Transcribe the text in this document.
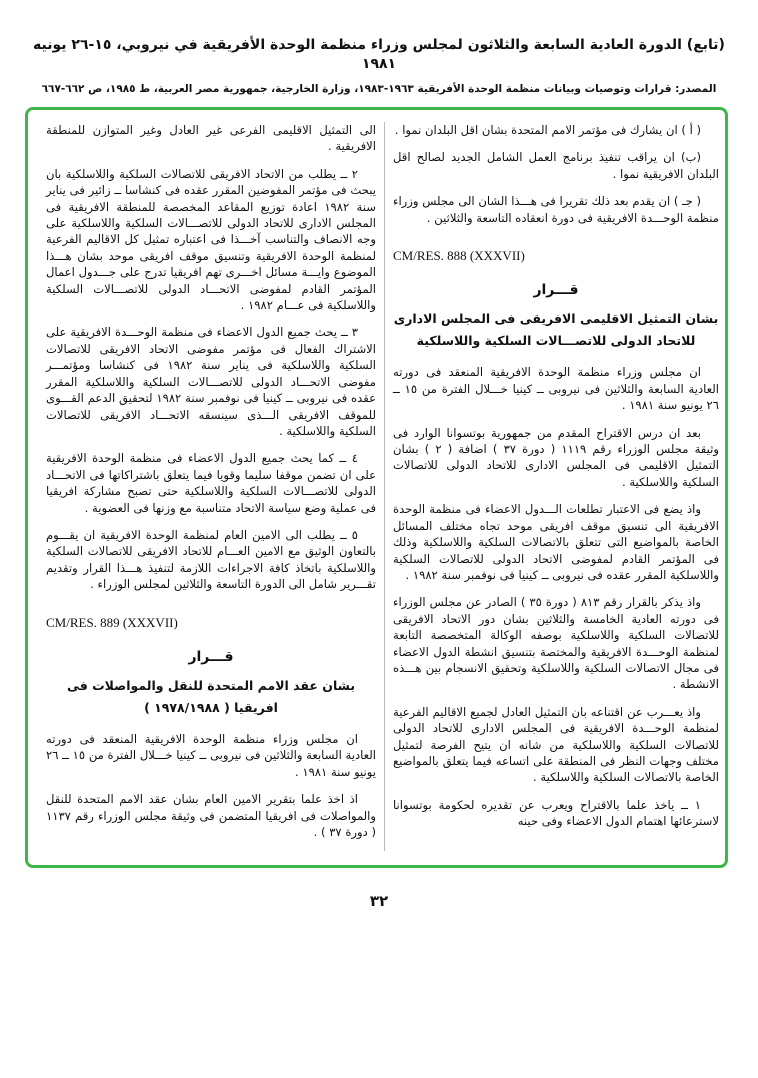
(تابع) الدورة العادية السابعة والثلاثون لمجلس وزراء منظمة الوحدة الأفريقية في نيروبي، ١٥-٢٦ يونيه ١٩٨١
المصدر: قرارات وتوصيات وبيانات منظمة الوحدة الأفريقية ١٩٦٣-١٩٨٣، وزارة الخارجية، جمهورية مصر العربية، ط ١٩٨٥، ص ٦٦٢-٦٦٧

( أ ) ان يشارك فى مؤتمر الامم المتحدة بشان اقل البلدان نموا .

(ب) ان يراقب تنفيذ برنامج العمل الشامل الجديد لصالح اقل البلدان الافريقية نموا .

( جـ ) ان يقدم بعد ذلك تقريرا فى هـــذا الشان الى مجلس وزراء منظمة الوحـــدة الافريقية فى دورة انعقاده التاسعة والثلاثين .

CM/RES. 888 (XXXVII)
قـــرار
بشان التمثيل الاقليمى الافريقى فى المجلس الادارى
للاتحاد الدولى للاتصـــالات السلكية واللاسلكية

ان مجلس وزراء منظمة الوحدة الافريقية المنعقد فى دورته العادية السابعة والثلاثين فى نيروبى ــ كينيا خـــلال الفترة من ١٥ ــ ٢٦ يونيو سنة ١٩٨١ .

بعد ان درس الاقتراح المقدم من جمهورية بوتسوانا الوارد فى وثيقة مجلس الوزراء رقم ١١١٩ ( دورة ٣٧ ) اضافة ( ٢ ) بشان التمثيل الاقليمى فى المجلس الادارى للاتحاد الدولى للاتصالات السلكية واللاسلكية .

واذ يضع فى الاعتبار تطلعات الـــدول الاعضاء فى منظمة الوحدة الافريقية الى تنسيق موقف افريقى موحد تجاه مختلف المسائل الخاصة بالمواضيع التى تتعلق بالاتصالات السلكية واللاسلكية وذلك فى المؤتمر القادم لمفوضى الاتحاد الدولى للاتصالات السلكية واللاسلكية المقرر عقده فى نيروبى ــ كينيا فى نوفمبر سنة ١٩٨٢ .

واذ يذكر بالقرار رقم ٨١٣ ( دورة ٣٥ ) الصادر عن مجلس الوزراء فى دورته العادية الخامسة والثلاثين بشان دور الاتحاد الافريقى للاتصالات السلكية واللاسلكية بوصفه الوكالة المتخصصة التابعة لمنظمة الوحـــدة الافريقية والمختصة بتنسيق انشطة الدول الاعضاء فى مجال الاتصالات السلكية واللاسلكية وتحقيق الانسجام بين هـــذه الانشطة .

واذ يعـــرب عن اقتناعه بان التمثيل العادل لجميع الاقاليم الفرعية لمنظمة الوحـــدة الافريقية فى المجلس الادارى للاتحاد الدولى للاتصالات السلكية واللاسلكية من شانه ان يتيح الفرصة لتمثيل مختلف وجهات النظر فى المنطقة على اتساعه فيما يتعلق بالمواضيع الخاصة بالاتصالات السلكية واللاسلكية .

١ ــ ياخذ علما بالاقتراح ويعرب عن تقديره لحكومة بوتسوانا لاسترعائها اهتمام الدول الاعضاء وفى حينه

الى التمثيل الاقليمى الفرعى غير العادل وغير المتوازن للمنطقة الافريقية .

٢ ــ يطلب من الاتحاد الافريقى للاتصالات السلكية واللاسلكية بان يبحث فى مؤتمر المفوضين المقرر عقده فى كنشاسا ــ زائير فى يناير سنة ١٩٨٢ اعادة توزيع المقاعد المخصصة للمنطقة الافريقية فى المجلس الادارى للاتحاد الدولى للاتصـــالات السلكية واللاسلكية على وجه الانصاف والتناسب آخـــذا فى اعتباره تمثيل كل الاقاليم الفرعية لمنظمة الوحدة الافريقية وتنسيق موقف افريقى موحد بشان هـــذا الموضوع وايـــة مسائل اخـــرى تهم افريقيا تدرج على جـــدول اعمال المؤتمر القادم لمفوضى الاتحـــاد الدولى للاتصـــالات السلكية واللاسلكية فى عـــام ١٩٨٢ .

٣ ــ يحث جميع الدول الاعضاء فى منظمة الوحـــدة الافريقية على الاشتراك الفعال فى مؤتمر مفوضى الاتحاد الافريقى للاتصالات السلكية واللاسلكية فى يناير سنة ١٩٨٢ فى كنشاسا ومؤتمـــر مفوضى الاتحـــاد الدولى للاتصـــالات السلكية واللاسلكية المقرر عقده فى نيروبى ــ كينيا فى نوفمبر سنة ١٩٨٢ لتحقيق الدعم القـــوى للموقف الافريقى الـــذى سينسقه الاتحـــاد الافريقى للاتصالات السلكية واللاسلكية .

٤ ــ كما يحث جميع الدول الاعضاء فى منظمة الوحدة الافريقية على ان تضمن موقفا سليما وقويا فيما يتعلق باشتراكاتها فى الاتحـــاد الدولى للاتصـــالات السلكية واللاسلكية حتى تصبح مشاركة افريقيا فى عملية وضع سياسة الاتحاد متناسبة مع وزنها فى العضوية .

٥ ــ يطلب الى الامين العام لمنظمة الوحدة الافريقية ان يقـــوم بالتعاون الوثيق مع الامين العـــام للاتحاد الافريقى للاتصالات السلكية واللاسلكية باتخاذ كافة الاجراءات اللازمة لتنفيذ هـــذا القرار وتقديم تقـــرير شامل الى الدورة التاسعة والثلاثين لمجلس الوزراء .

CM/RES. 889 (XXXVII)
قـــرار
بشان عقد الامم المتحدة للنقل والمواصلات فى
افريقيا ( ١٩٧٨/١٩٨٨ )

ان مجلس وزراء منظمة الوحدة الافريقية المنعقد فى دورته العادية السابعة والثلاثين فى نيروبى ــ كينيا خـــلال الفترة من ١٥ ــ ٢٦ يونيو سنة ١٩٨١ .

اذ اخذ علما بتقرير الامين العام بشان عقد الامم المتحدة للنقل والمواصلات فى افريقيا المتضمن فى وثيقة مجلس الوزراء رقم ١١٣٧ ( دورة ٣٧ ) .

٣٢
